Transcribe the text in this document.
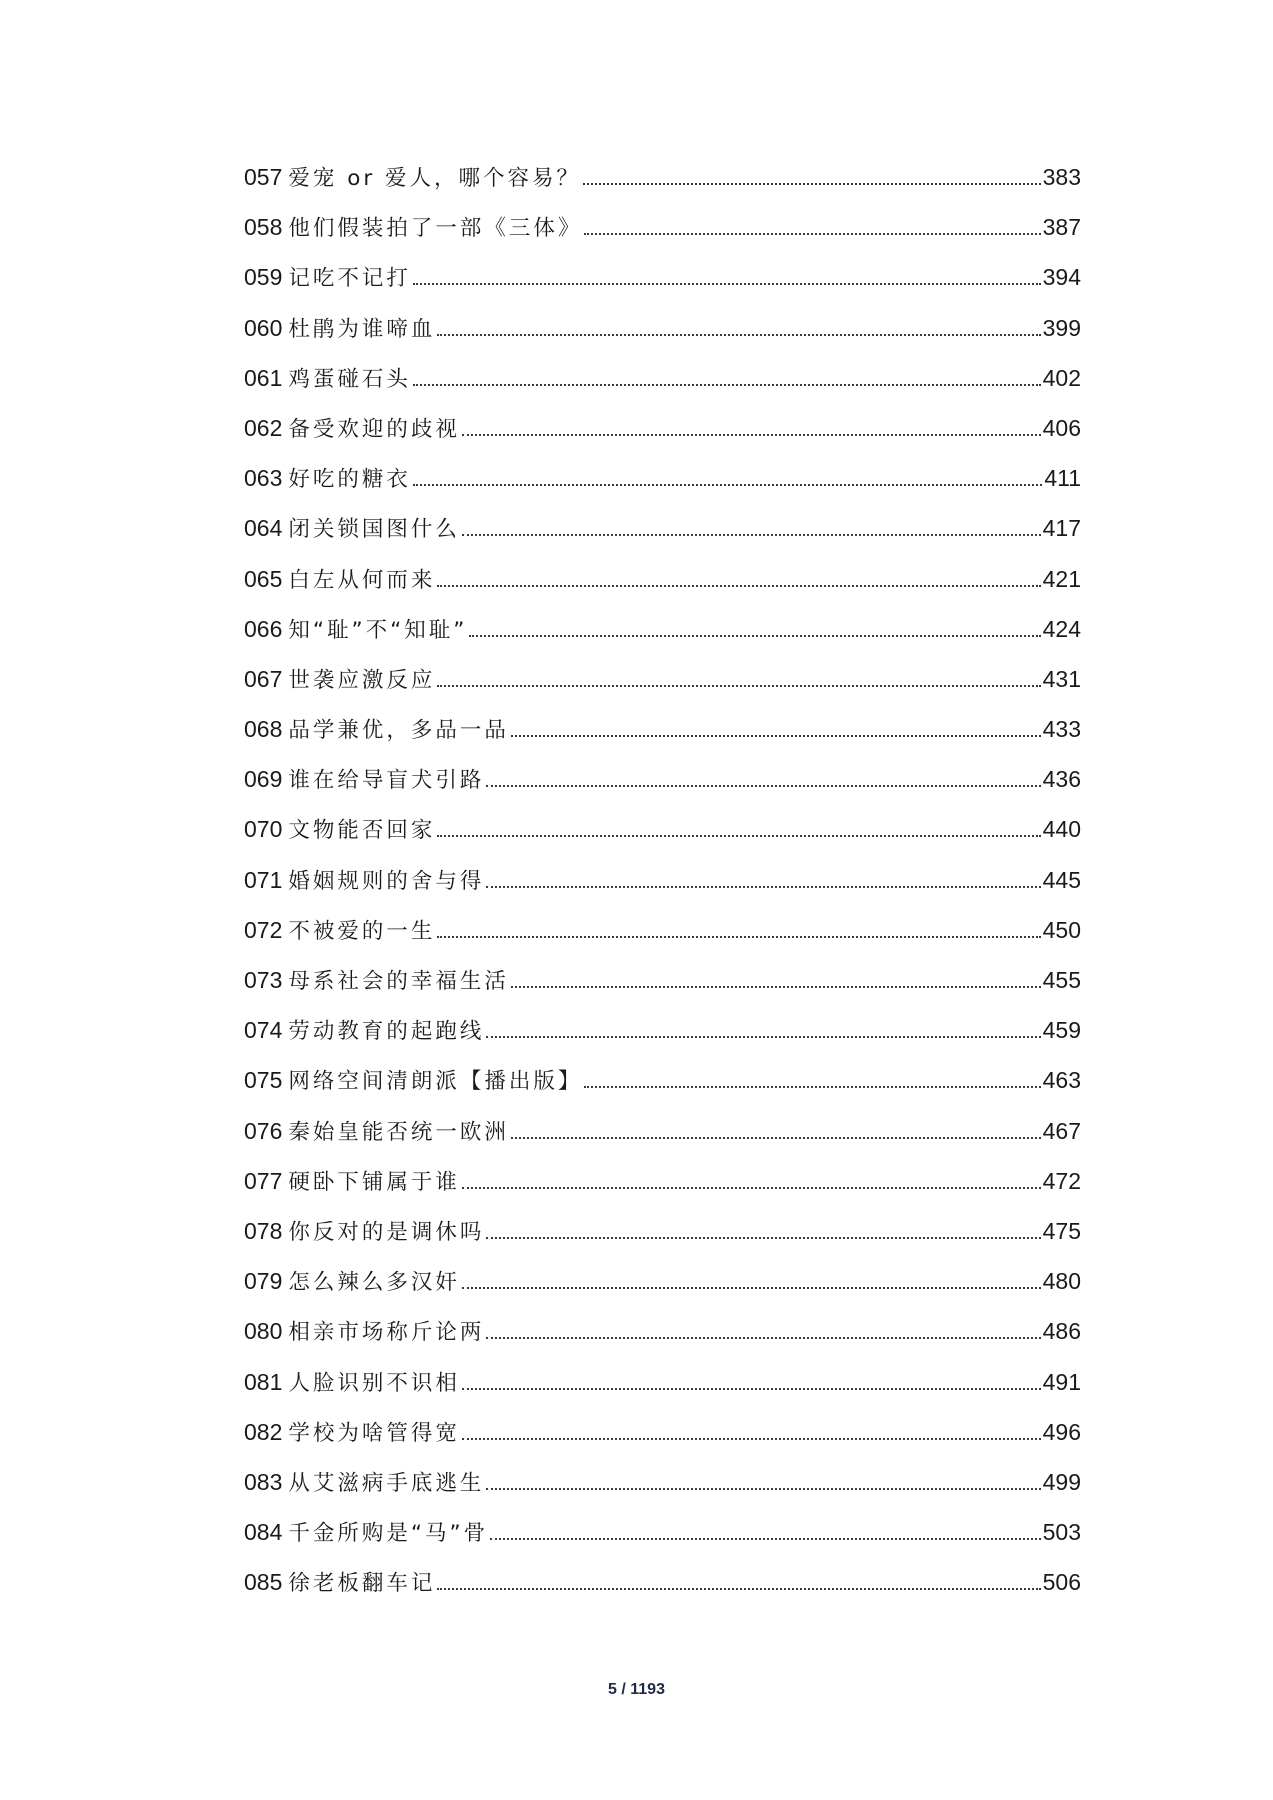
057 爱宠 or 爱人，哪个容易？	383
058 他们假装拍了一部《三体》	387
059 记吃不记打	394
060 杜鹃为谁啼血	399
061 鸡蛋碰石头	402
062 备受欢迎的歧视	406
063 好吃的糖衣	411
064 闭关锁国图什么	417
065 白左从何而来	421
066 知“耻”不“知耻”	424
067 世袭应激反应	431
068 品学兼优，多品一品	433
069 谁在给导盲犬引路	436
070 文物能否回家	440
071 婚姻规则的舍与得	445
072 不被爱的一生	450
073 母系社会的幸福生活	455
074 劳动教育的起跑线	459
075 网络空间清朗派【播出版】	463
076 秦始皇能否统一欧洲	467
077 硬卧下铺属于谁	472
078 你反对的是调休吗	475
079 怎么辣么多汉奸	480
080 相亲市场称斤论两	486
081 人脸识别不识相	491
082 学校为啥管得宽	496
083 从艾滋病手底逃生	499
084 千金所购是“马”骨	503
085 徐老板翻车记	506
5 / 1193
